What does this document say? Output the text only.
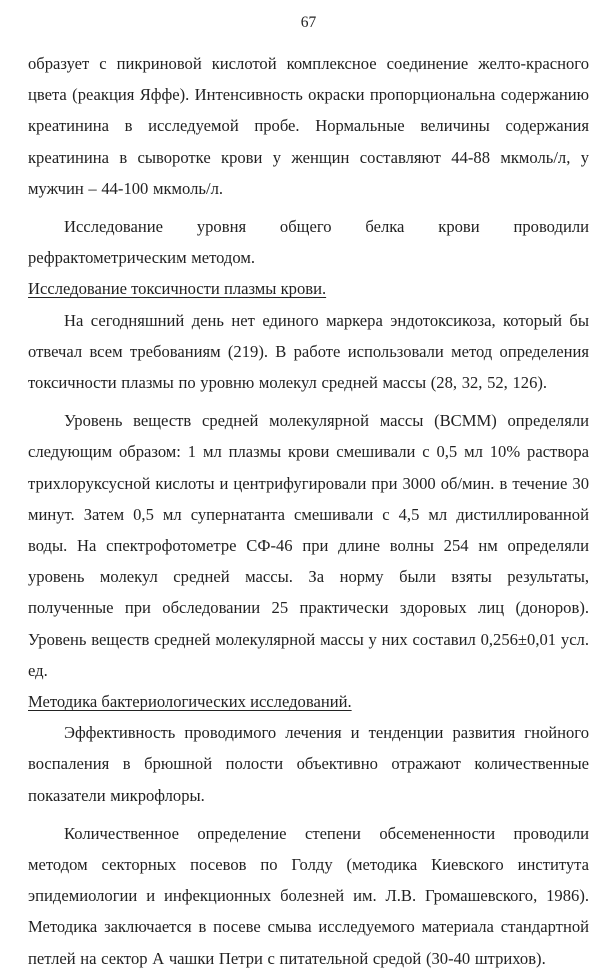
67

образует с пикриновой кислотой комплексное соединение желто-красного цвета (реакция Яффе). Интенсивность окраски пропорциональна содержанию креатинина в исследуемой пробе. Нормальные величины содержания креатинина в сыворотке крови у женщин составляют 44-88 мкмоль/л, у мужчин – 44-100 мкмоль/л.

Исследование уровня общего белка крови проводили рефрактометрическим методом.

Исследование токсичности плазмы крови.

На сегодняшний день нет единого маркера эндотоксикоза, который бы отвечал всем требованиям (219). В работе использовали метод определения токсичности плазмы по уровню молекул средней массы (28, 32, 52, 126).

Уровень веществ средней молекулярной массы (ВСММ) определяли следующим образом: 1 мл плазмы крови смешивали с 0,5 мл 10% раствора трихлоруксусной кислоты и центрифугировали при 3000 об/мин. в течение 30 минут. Затем 0,5 мл супернатанта смешивали с 4,5 мл дистиллированной воды. На спектрофотометре СФ-46 при длине волны 254 нм определяли уровень молекул средней массы. За норму были взяты результаты, полученные при обследовании 25 практически здоровых лиц (доноров). Уровень веществ средней молекулярной массы у них составил 0,256±0,01 усл. ед.

Методика бактериологических исследований.

Эффективность проводимого лечения и тенденции развития гнойного воспаления в брюшной полости объективно отражают количественные показатели микрофлоры.

Количественное определение степени обсемененности проводили методом секторных посевов по Голду (методика Киевского института эпидемиологии и инфекционных болезней им. Л.В. Громашевского, 1986). Методика заключается в посеве смыва исследуемого материала стандартной петлей на сектор А чашки Петри с питательной средой (30-40 штрихов).
